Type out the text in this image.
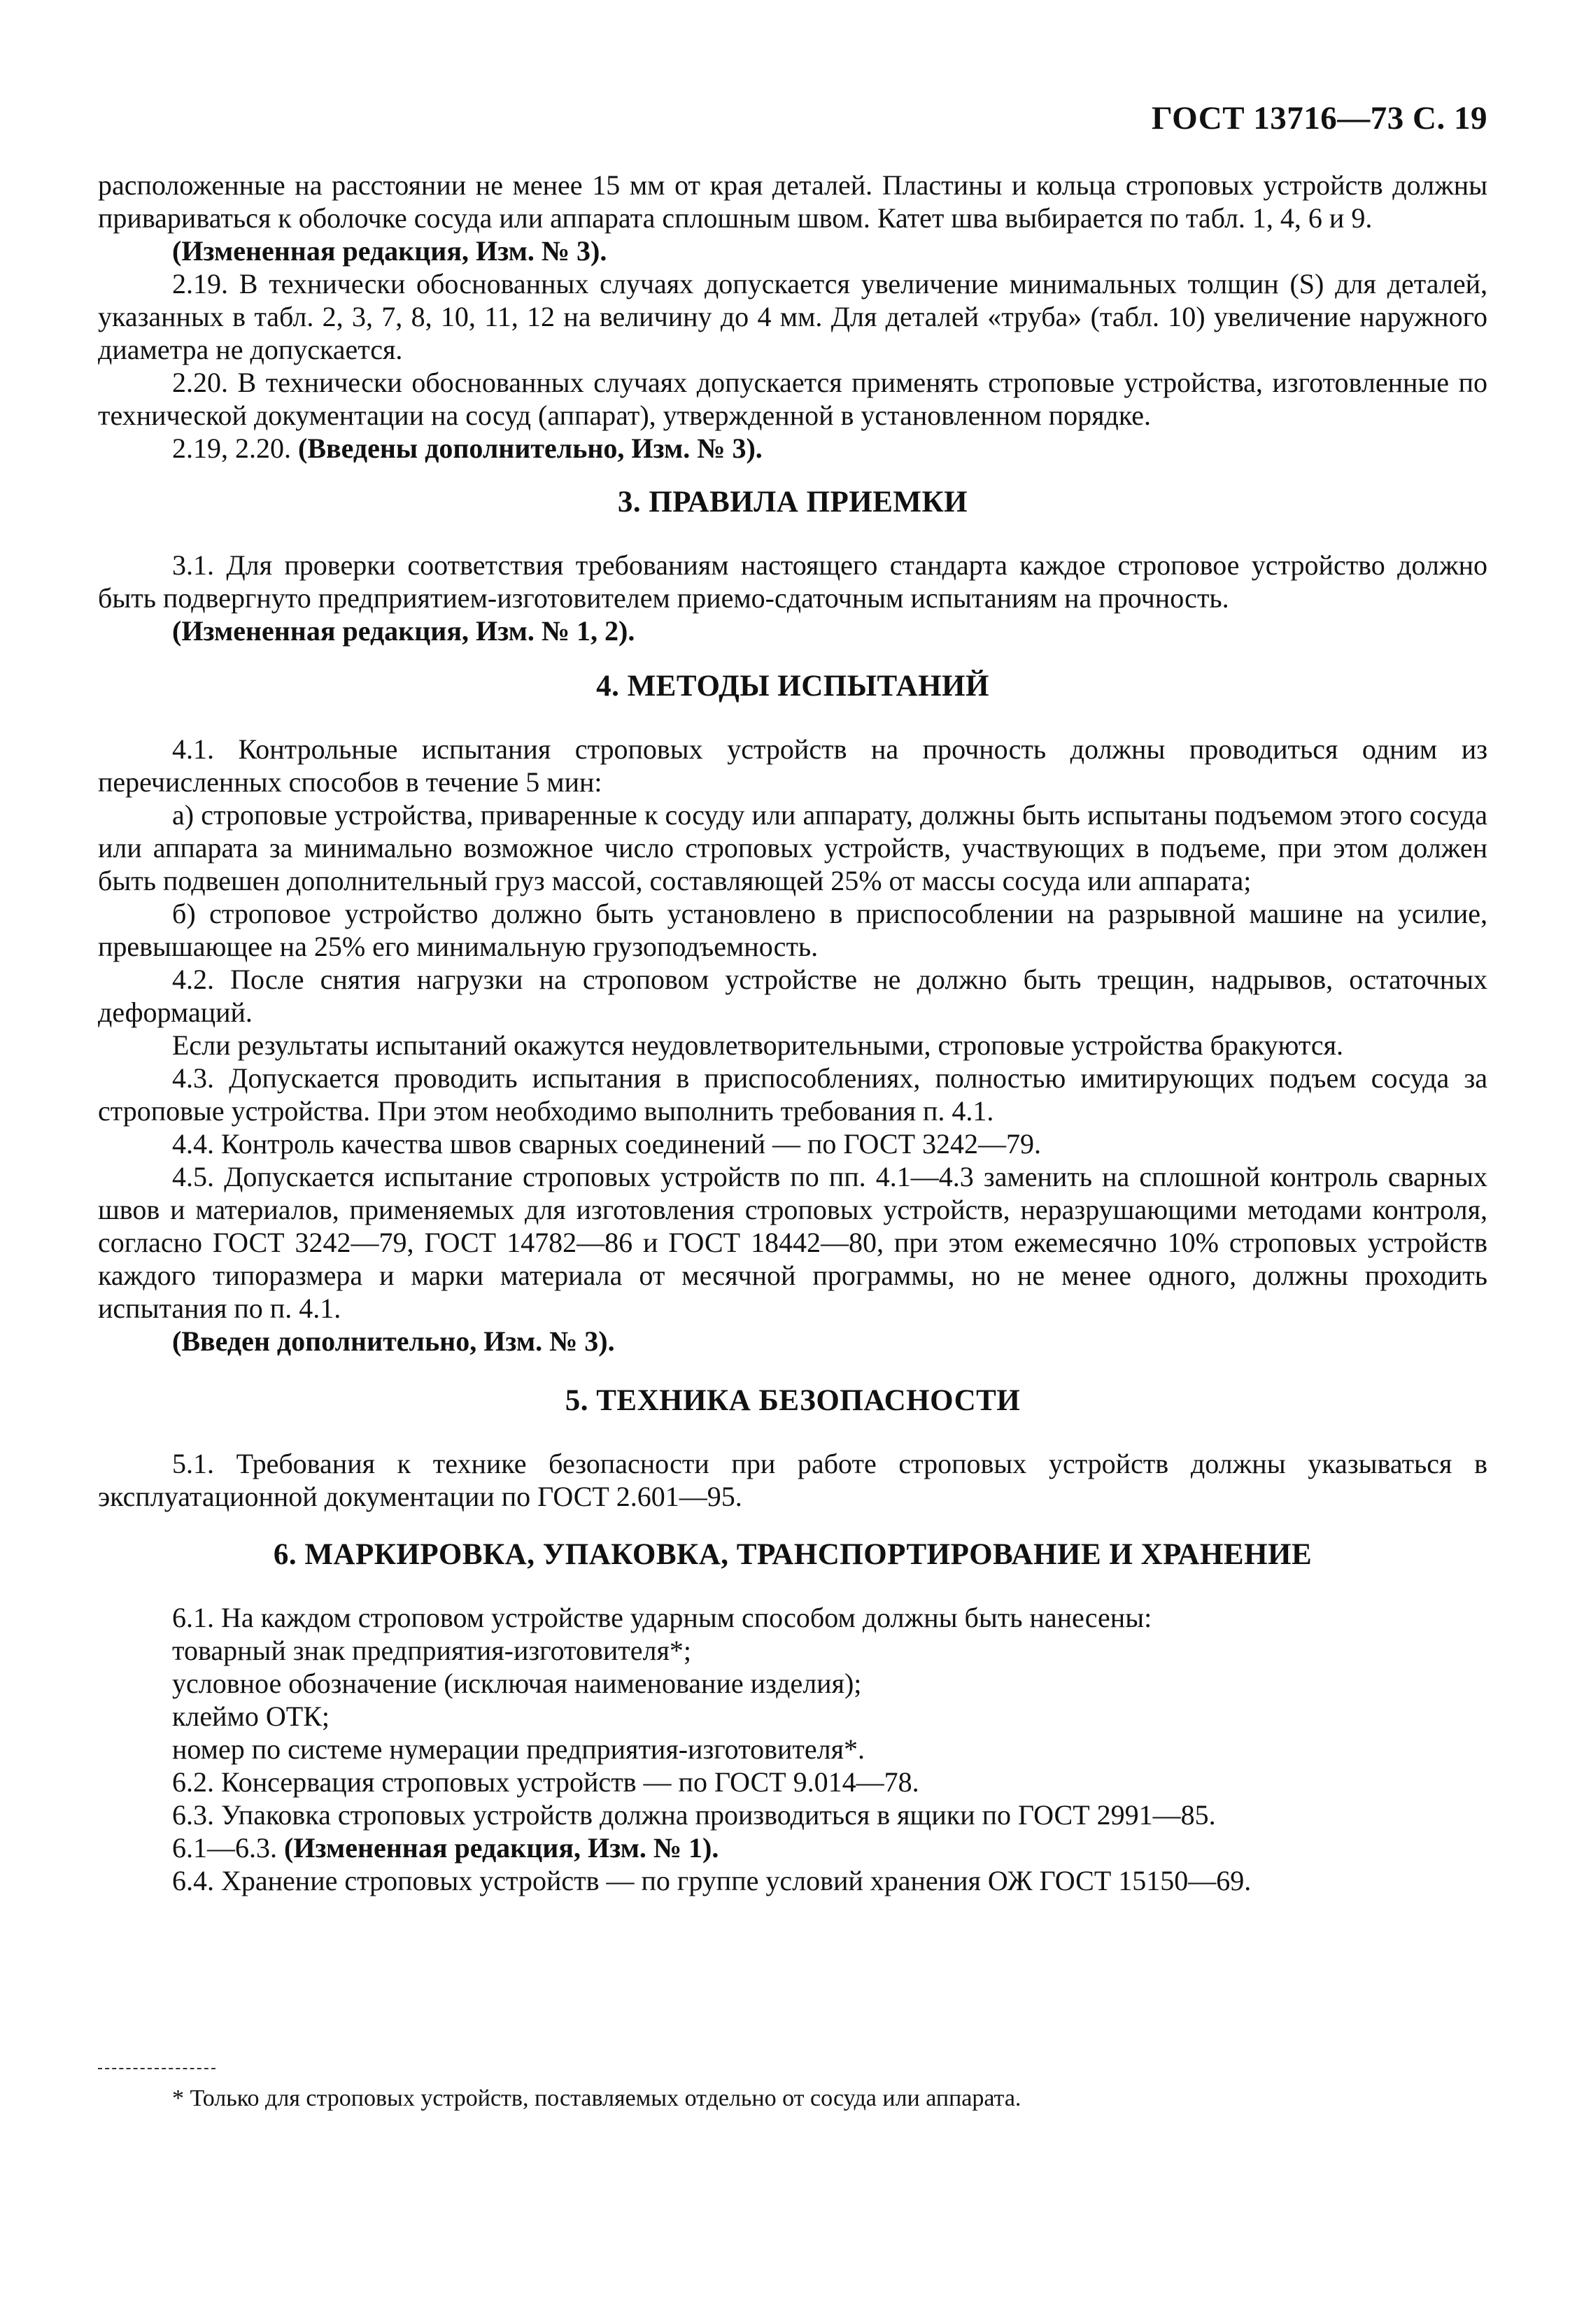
ГОСТ 13716—73 С. 19

расположенные на расстоянии не менее 15 мм от края деталей. Пластины и кольца строповых устройств должны привариваться к оболочке сосуда или аппарата сплошным швом. Катет шва выбирается по табл. 1, 4, 6 и 9.

(Измененная редакция, Изм. № 3).

2.19. В технически обоснованных случаях допускается увеличение минимальных толщин (S) для деталей, указанных в табл. 2, 3, 7, 8, 10, 11, 12 на величину до 4 мм. Для деталей «труба» (табл. 10) увеличение наружного диаметра не допускается.

2.20. В технически обоснованных случаях допускается применять строповые устройства, изготовленные по технической документации на сосуд (аппарат), утвержденной в установленном порядке.

2.19, 2.20. (Введены дополнительно, Изм. № 3).

3. ПРАВИЛА ПРИЕМКИ

3.1. Для проверки соответствия требованиям настоящего стандарта каждое строповое устройство должно быть подвергнуто предприятием-изготовителем приемо-сдаточным испытаниям на прочность.

(Измененная редакция, Изм. № 1, 2).

4. МЕТОДЫ ИСПЫТАНИЙ

4.1. Контрольные испытания строповых устройств на прочность должны проводиться одним из перечисленных способов в течение 5 мин:

а) строповые устройства, приваренные к сосуду или аппарату, должны быть испытаны подъемом этого сосуда или аппарата за минимально возможное число строповых устройств, участвующих в подъеме, при этом должен быть подвешен дополнительный груз массой, составляющей 25% от массы сосуда или аппарата;

б) строповое устройство должно быть установлено в приспособлении на разрывной машине на усилие, превышающее на 25% его минимальную грузоподъемность.

4.2. После снятия нагрузки на строповом устройстве не должно быть трещин, надрывов, остаточных деформаций.

Если результаты испытаний окажутся неудовлетворительными, строповые устройства бракуются.

4.3. Допускается проводить испытания в приспособлениях, полностью имитирующих подъем сосуда за строповые устройства. При этом необходимо выполнить требования п. 4.1.

4.4. Контроль качества швов сварных соединений — по ГОСТ 3242—79.

4.5. Допускается испытание строповых устройств по пп. 4.1—4.3 заменить на сплошной контроль сварных швов и материалов, применяемых для изготовления строповых устройств, неразрушающими методами контроля, согласно ГОСТ 3242—79, ГОСТ 14782—86 и ГОСТ 18442—80, при этом ежемесячно 10% строповых устройств каждого типоразмера и марки материала от месячной программы, но не менее одного, должны проходить испытания по п. 4.1.

(Введен дополнительно, Изм. № 3).

5. ТЕХНИКА БЕЗОПАСНОСТИ

5.1. Требования к технике безопасности при работе строповых устройств должны указываться в эксплуатационной документации по ГОСТ 2.601—95.

6. МАРКИРОВКА, УПАКОВКА, ТРАНСПОРТИРОВАНИЕ И ХРАНЕНИЕ

6.1. На каждом строповом устройстве ударным способом должны быть нанесены:

товарный знак предприятия-изготовителя*;

условное обозначение (исключая наименование изделия);

клеймо ОТК;

номер по системе нумерации предприятия-изготовителя*.

6.2. Консервация строповых устройств — по ГОСТ 9.014—78.

6.3. Упаковка строповых устройств должна производиться в ящики по ГОСТ 2991—85.

6.1—6.3. (Измененная редакция, Изм. № 1).

6.4. Хранение строповых устройств — по группе условий хранения ОЖ ГОСТ 15150—69.

* Только для строповых устройств, поставляемых отдельно от сосуда или аппарата.
